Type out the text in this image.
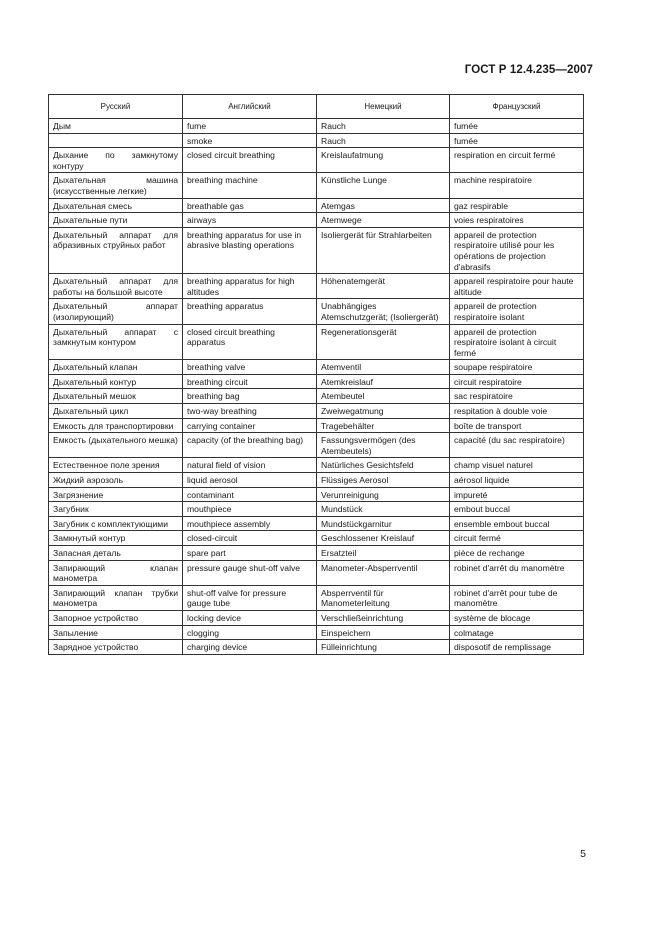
ГОСТ Р 12.4.235—2007
Русский	Английский	Немецкий	Французский
Дым	fume	Rauch	fumée
	smoke	Rauch	fumée
Дыхание по замкнутому контуру	closed circuit breathing	Kreislaufatmung	respiration en circuit fermé
Дыхательная машина (искусственные легкие)	breathing machine	Künstliche Lunge	machine respiratoire
Дыхательная смесь	breathable gas	Atemgas	gaz respirable
Дыхательные пути	airways	Atemwege	voies respiratoires
Дыхательный аппарат для абразивных струйных работ	breathing apparatus for use in abrasive blasting operations	Isoliergerät für Strahlarbeiten	appareil de protection respiratoire utilisé pour les opérations de projection d'abrasifs
Дыхательный аппарат для работы на большой высоте	breathing apparatus for high altitudes	Höhenatemgerät	appareil respiratoire pour haute altitude
Дыхательный аппарат (изолирующий)	breathing apparatus	Unabhängiges Atemschutzgerät; (Isoliergerät)	appareil de protection respiratoire isolant
Дыхательный аппарат с замкнутым контуром	closed circuit breathing apparatus	Regenerationsgerät	appareil de protection respiratoire isolant à circuit fermé
Дыхательный клапан	breathing valve	Atemventil	soupape respiratoire
Дыхательный контур	breathing circuit	Atemkreislauf	circuit respiratoire
Дыхательный мешок	breathing bag	Atembeutel	sac respiratoire
Дыхательный цикл	two-way breathing	Zweiwegatmung	respitation à double voie
Емкость для транспортировки	carrying container	Tragebehälter	boîte de transport
Емкость (дыхательного мешка)	capacity (of the breathing bag)	Fassungsvermögen (des Atembeutels)	capacité (du sac respiratoire)
Естественное поле зрения	natural field of vision	Natürliches Gesichtsfeld	champ visuel naturel
Жидкий аэрозоль	liquid aerosol	Flüssiges Aerosol	aérosol liquide
Загрязнение	contaminant	Verunreinigung	impureté
Загубник	mouthpiece	Mundstück	embout buccal
Загубник с комплектующими	mouthpiece assembly	Mundstückgarnitur	ensemble embout buccal
Замкнутый контур	closed-circuit	Geschlossener Kreislauf	circuit fermé
Запасная деталь	spare part	Ersatzteil	pièce de rechange
Запирающий клапан манометра	pressure gauge shut-off valve	Manometer-Absperrventil	robinet d'arrêt du manomètre
Запирающий клапан трубки манометра	shut-off valve for pressure gauge tube	Absperrventil für Manometerleitung	robinet d'arrêt pour tube de manomètre
Запорное устройство	locking device	Verschließeinrichtung	système de blocage
Запыление	clogging	Einspeichern	colmatage
Зарядное устройство	charging device	Fülleinrichtung	disposotif de remplissage
5
